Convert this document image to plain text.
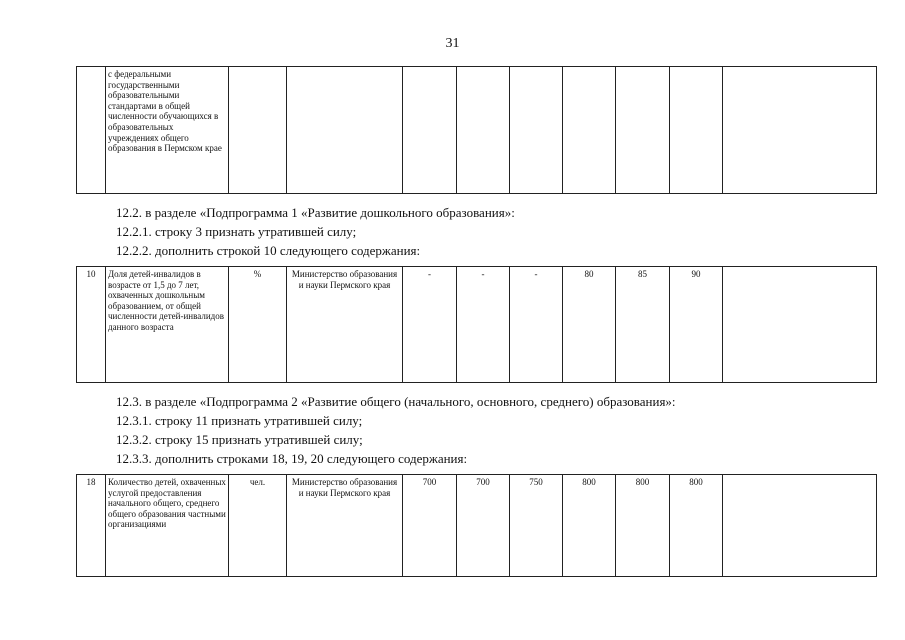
31
	с федеральными государственными образовательными стандартами в общей численности обучающихся в образовательных учреждениях общего образования в Пермском крае									
12.2. в разделе «Подпрограмма 1 «Развитие дошкольного образования»:
12.2.1. строку 3 признать утратившей силу;
12.2.2. дополнить строкой 10 следующего содержания:
10	Доля детей-инвалидов в возрасте от 1,5 до 7 лет, охваченных дошкольным образованием, от общей численности детей-инвалидов данного возраста	%	Министерство образования и науки Пермского края	-	-	-	80	85	90	
12.3. в разделе «Подпрограмма 2 «Развитие общего (начального, основного, среднего) образования»:
12.3.1. строку 11 признать утратившей силу;
12.3.2. строку 15 признать утратившей силу;
12.3.3. дополнить строками 18, 19, 20 следующего содержания:
18	Количество детей, охваченных услугой предоставления начального общего, среднего общего образования частными организациями	чел.	Министерство образования и науки Пермского края	700	700	750	800	800	800	
